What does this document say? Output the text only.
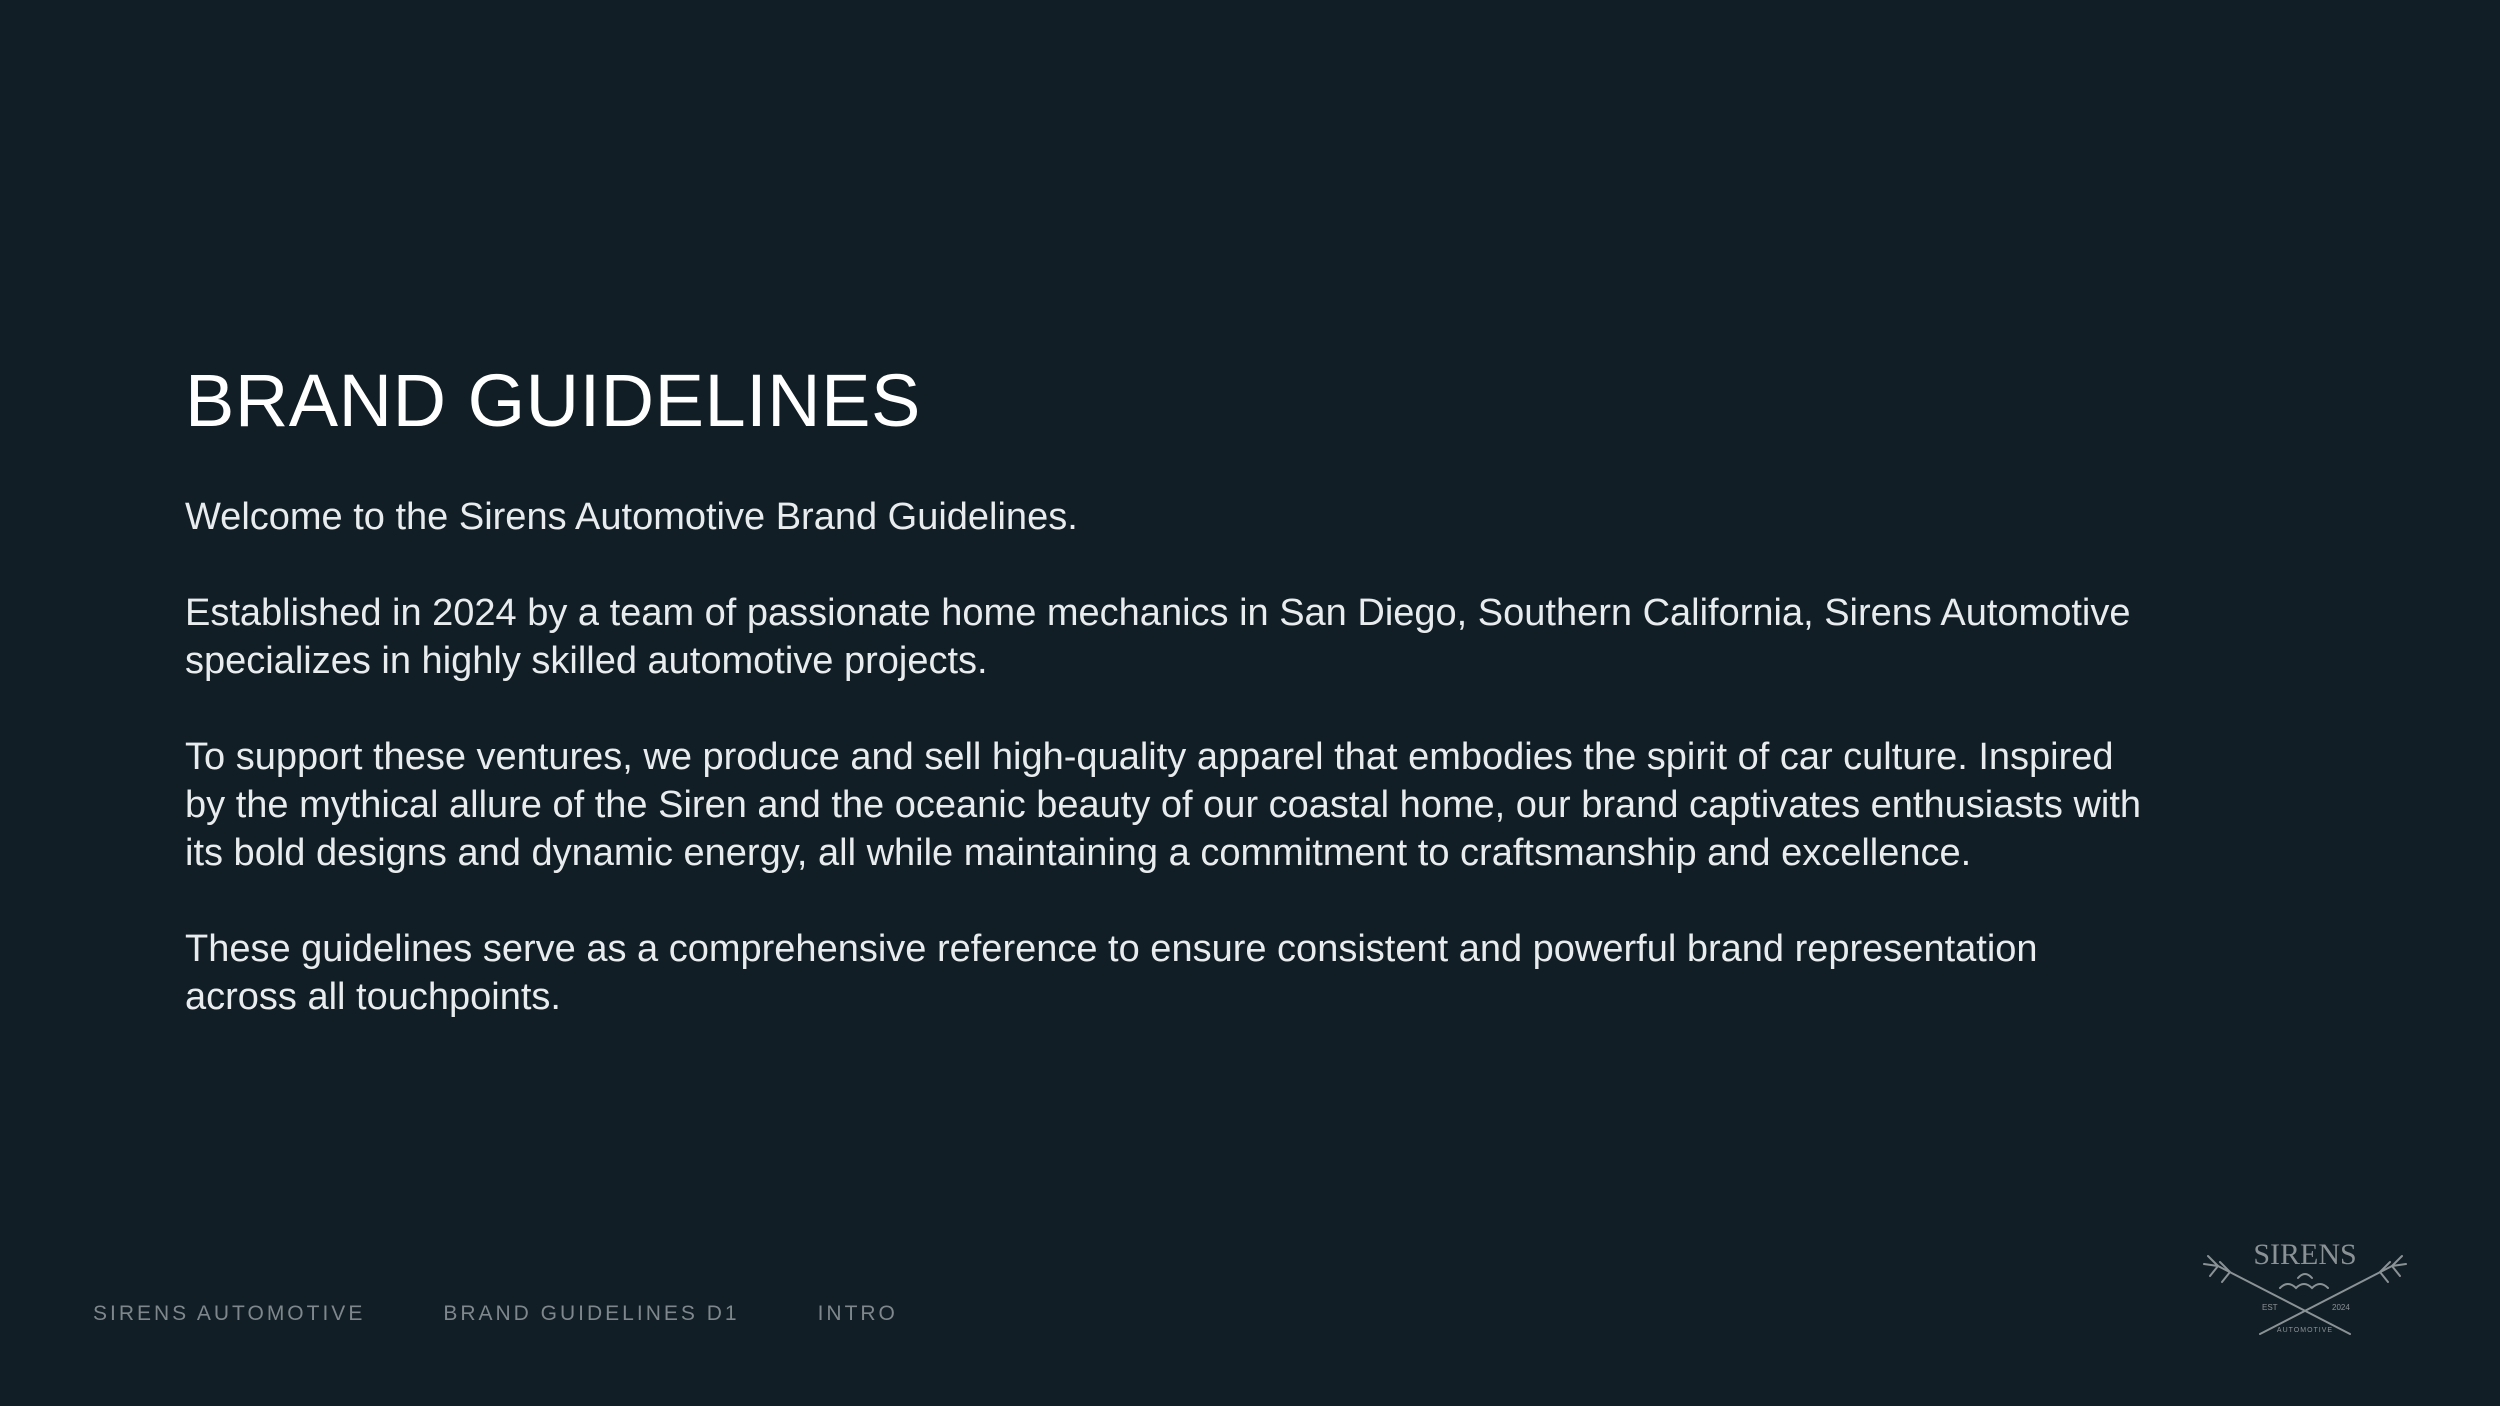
BRAND GUIDELINES

Welcome to the Sirens Automotive Brand Guidelines.

Established in 2024 by a team of passionate home mechanics in San Diego, Southern California, Sirens Automotive
specializes in highly skilled automotive projects.

To support these ventures, we produce and sell high-quality apparel that embodies the spirit of car culture. Inspired
by the mythical allure of the Siren and the oceanic beauty of our coastal home, our brand captivates enthusiasts with
its bold designs and dynamic energy, all while maintaining a commitment to craftsmanship and excellence.

These guidelines serve as a comprehensive reference to ensure consistent and powerful brand representation
across all touchpoints.

SIRENS AUTOMOTIVE	BRAND GUIDELINES D1	INTRO
SIRENS
EST	2024
AUTOMOTIVE
